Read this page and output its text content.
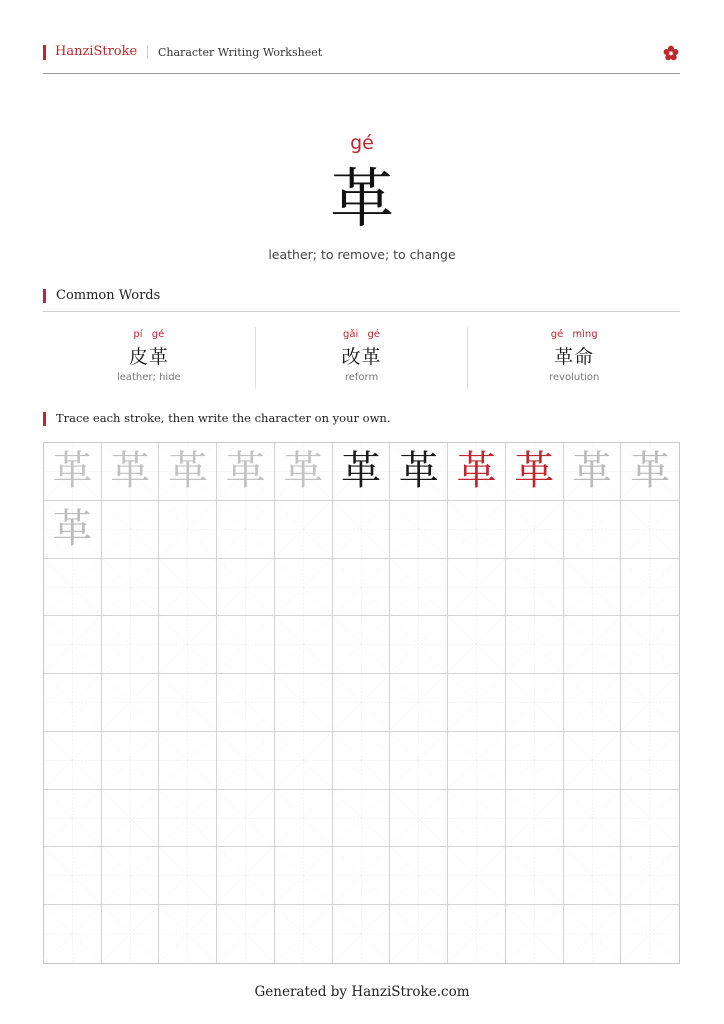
HanziStroke Character Writing Worksheet
gé
革
leather; to remove; to change
Common Words
pí gé
皮革
leather; hide
gǎi gé
改革
reform
gé mìng
革命
revolution
Trace each stroke, then write the character on your own.
革 革 革 革 革 革 革 革 革 革 革
革
Generated by HanziStroke.com
